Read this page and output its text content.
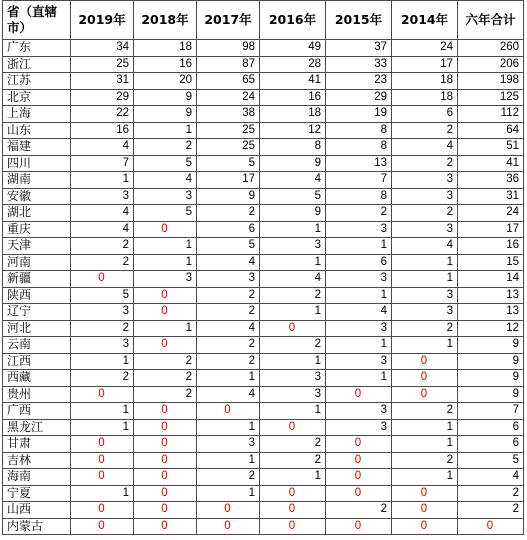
省（直辖市）	2019年	2018年	2017年	2016年	2015年	2014年	六年合计
广东	34	18	98	49	37	24	260
浙江	25	16	87	28	33	17	206
江苏	31	20	65	41	23	18	198
北京	29	9	24	16	29	18	125
上海	22	9	38	18	19	6	112
山东	16	1	25	12	8	2	64
福建	4	2	25	8	8	4	51
四川	7	5	5	9	13	2	41
湖南	1	4	17	4	7	3	36
安徽	3	3	9	5	8	3	31
湖北	4	5	2	9	2	2	24
重庆	4	0	6	1	3	3	17
天津	2	1	5	3	1	4	16
河南	2	1	4	1	6	1	15
新疆	0	3	3	4	3	1	14
陕西	5	0	2	2	1	3	13
辽宁	3	0	2	1	4	3	13
河北	2	1	4	0	3	2	12
云南	3	0	2	2	1	1	9
江西	1	2	2	1	3	0	9
西藏	2	2	1	3	1	0	9
贵州	0	2	4	3	0	0	9
广西	1	0	0	1	3	2	7
黑龙江	1	0	1	0	3	1	6
甘肃	0	0	3	2	0	1	6
吉林	0	0	1	2	0	2	5
海南	0	0	2	1	0	1	4
宁夏	1	0	1	0	0	0	2
山西	0	0	0	0	2	0	2
内蒙古	0	0	0	0	0	0	0
